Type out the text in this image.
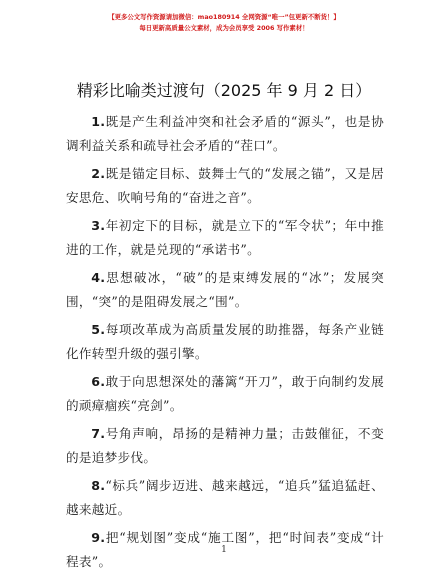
【更多公文写作资源请加微信：mao180914 全网资源“唯一”包更新不断货！】
每日更新高质量公文素材，成为会员享受 2006 写作素材！
精彩比喻类过渡句（2025 年 9 月 2 日）

1.既是产生利益冲突和社会矛盾的“源头”，也是协调利益关系和疏导社会矛盾的“茬口”。

2.既是锚定目标、鼓舞士气的“发展之锚”，又是居安思危、吹响号角的“奋进之音”。

3.年初定下的目标，就是立下的“军令状”；年中推进的工作，就是兑现的“承诺书”。

4.思想破冰，“破”的是束缚发展的“冰”；发展突围，“突”的是阻碍发展之“围”。

5.每项改革成为高质量发展的助推器，每条产业链化作转型升级的强引擎。

6.敢于向思想深处的藩篱“开刀”，敢于向制约发展的顽瘴痼疾“亮剑”。

7.号角声响，昂扬的是精神力量；击鼓催征，不变的是追梦步伐。

8.“标兵”阔步迈进、越来越远，“追兵”猛追猛赶、越来越近。

9.把“规划图”变成“施工图”，把“时间表”变成“计程表”。

1
